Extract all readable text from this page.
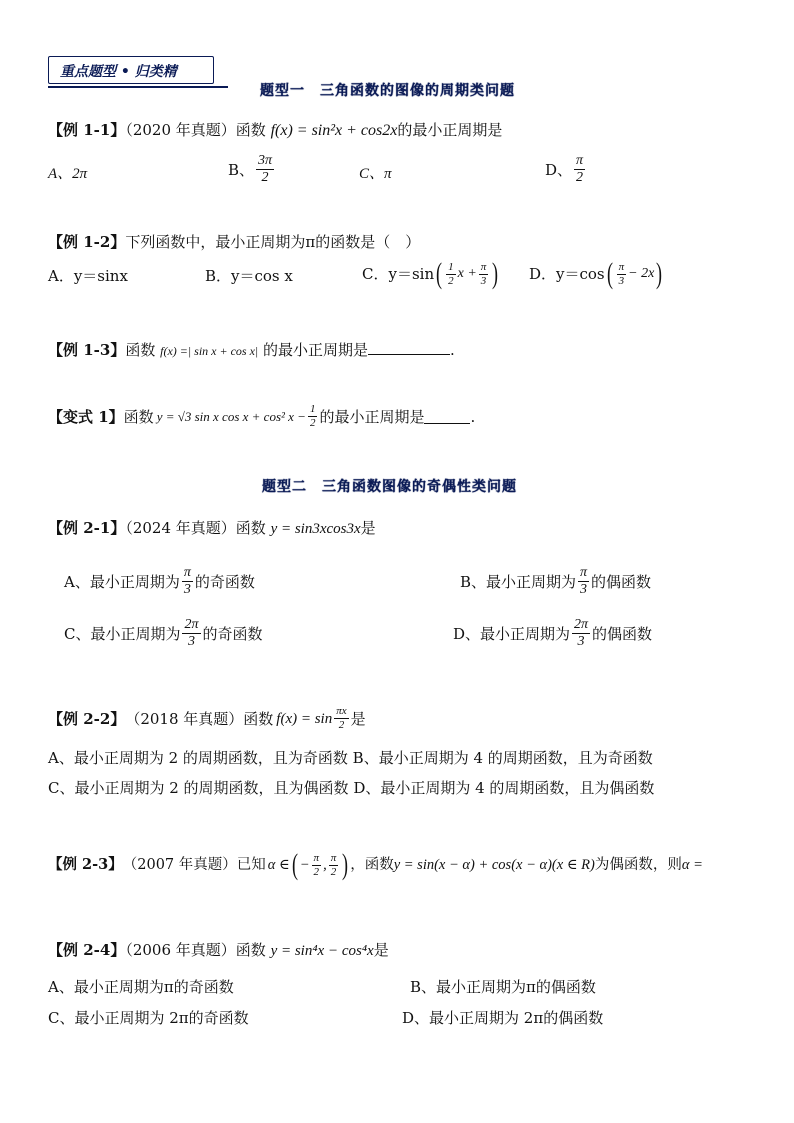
重点题型 • 归类精
题型一　三角函数的图像的周期类问题
【例 1-1】（2020 年真题）函数 f(x) = sin²x + cos2x的最小正周期是
A、2π	B、 $\frac{3\pi}{2}$	C、π	D、 $\frac{\pi}{2}$
【例 1-2】下列函数中，最小正周期为π的函数是（　）
A．y＝sinx	B．y＝cos x	C．y＝sin ( $\frac{1}{2}$ $x + \frac{\pi}{3}$ ) D．y＝cos ( $\frac{\pi}{3} - 2x$ )
【例 1-3】函数 f(x) =| sin x + cos x| 的最小正周期是	.
【变式 1】 函数 y = √3 sin x cos x + cos² $x - \frac{1}{2}$ 的最小正周期是	.
题型二　三角函数图像的奇偶性类问题
【例 2-1】（2024 年真题）函数 y = sin3xcos3x是
A、最小正周期为 $\frac{\pi}{3}$ 的奇函数	B、最小正周期为 $\frac{\pi}{3}$ 的偶函数
C、最小正周期为 $\frac{2\pi}{3}$ 的奇函数	D、最小正周期为 $\frac{2\pi}{3}$ 的偶函数
【例 2-2】 （2018 年真题）函数 $f(x) = \sin \frac{\pi x}{2}$ 是
A、最小正周期为 2 的周期函数，且为奇函数 B、最小正周期为 4 的周期函数，且为奇函数
C、最小正周期为 2 的周期函数，且为偶函数 D、最小正周期为 4 的周期函数，且为偶函数
【例 2-3】 （2007 年真题）已知 α ∈ ( − $\frac{\pi}{2}$ , $\frac{\pi}{2}$ ) ，函数 y = sin(x − α) + cos(x − α)(x ∈ R) 为偶函数，则 α =
【例 2-4】（2006 年真题）函数 y = sin⁴x − cos⁴x是
A、最小正周期为π的奇函数	B、最小正周期为π的偶函数
C、最小正周期为 2π的奇函数	D、最小正周期为 2π的偶函数
